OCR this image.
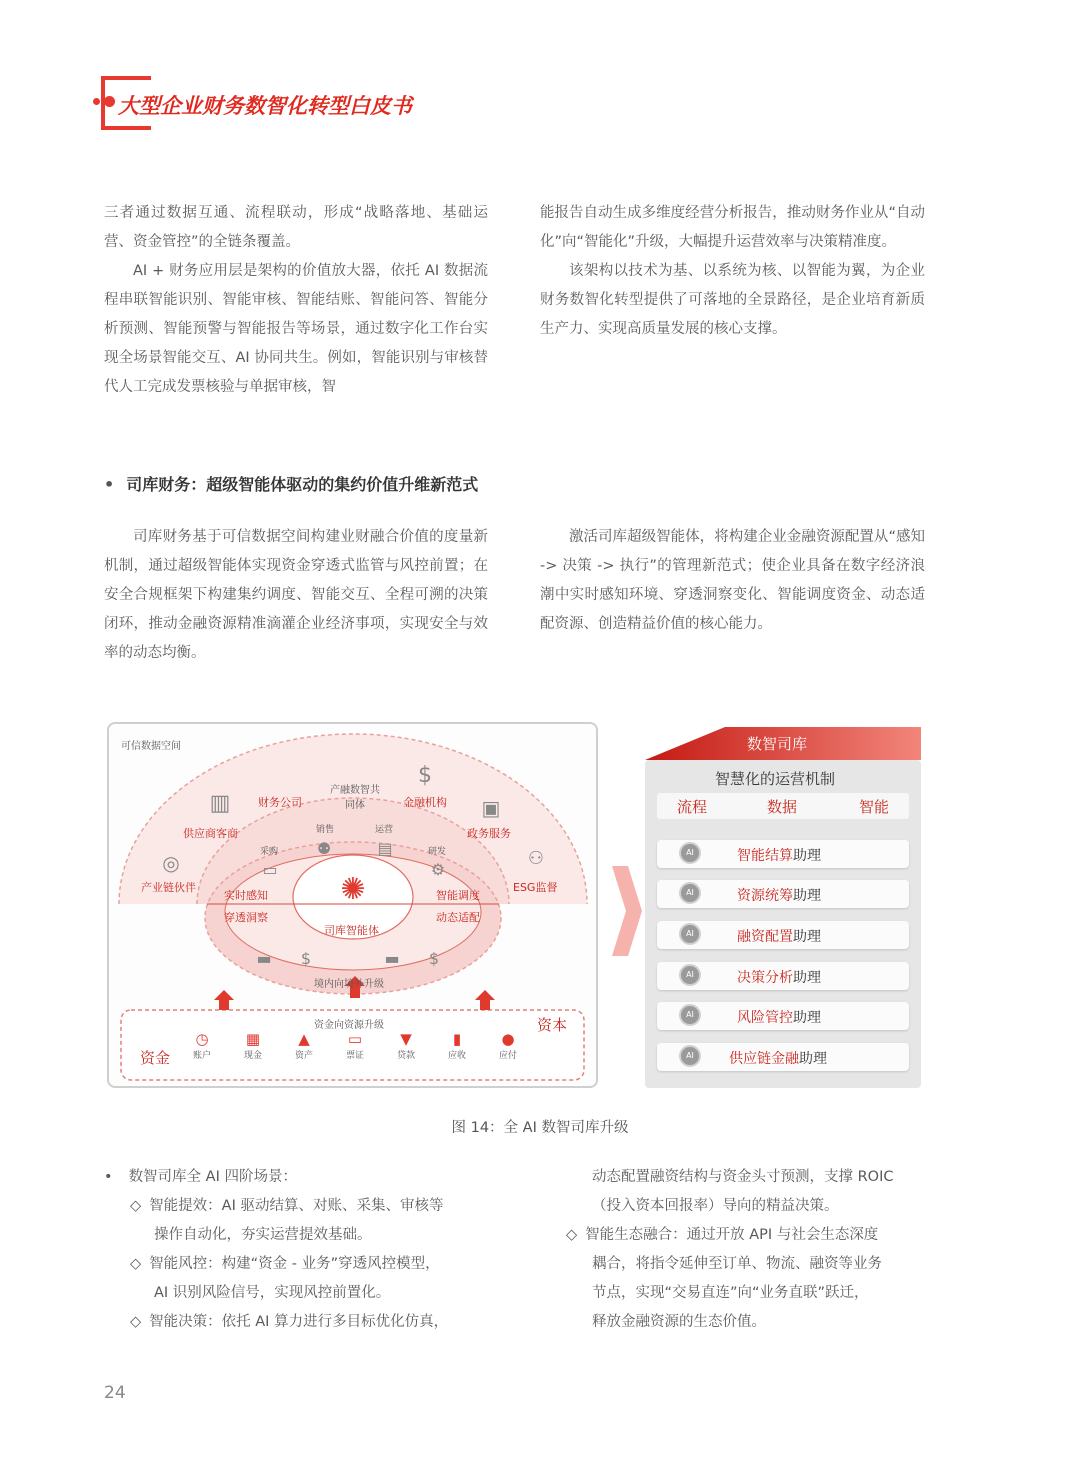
大型企业财务数智化转型白皮书

三者通过数据互通、流程联动，形成“战略落地、基础运营、资金管控”的全链条覆盖。

AI + 财务应用层是架构的价值放大器，依托 AI 数据流程串联智能识别、智能审核、智能结账、智能问答、智能分析预测、智能预警与智能报告等场景，通过数字化工作台实现全场景智能交互、AI 协同共生。例如，智能识别与审核替代人工完成发票核验与单据审核，智

能报告自动生成多维度经营分析报告，推动财务作业从“自动化”向“智能化”升级，大幅提升运营效率与决策精准度。

该架构以技术为基、以系统为核、以智能为翼，为企业财务数智化转型提供了可落地的全景路径，是企业培育新质生产力、实现高质量发展的核心支撑。

• 司库财务：超级智能体驱动的集约价值升维新范式

司库财务基于可信数据空间构建业财融合价值的度量新机制，通过超级智能体实现资金穿透式监管与风控前置；在安全合规框架下构建集约调度、智能交互、全程可溯的决策闭环，推动金融资源精准滴灌企业经济事项，实现安全与效率的动态均衡。

激活司库超级智能体，将构建企业金融资源配置从“感知 -> 决策 -> 执行”的管理新范式；使企业具备在数字经济浪潮中实时感知环境、穿透洞察变化、智能调度资金、动态适配资源、创造精益价值的核心能力。

可信数据空间
▥	财务公司
产融数智共同体
$
金融机构
供应商客商
▣
政务服务
◎
产业链伙伴
⚇
ESG监督
销售	运营
采购	研发
⚉	▤
▭	⚙
实时感知	智能调度
穿透洞察	动态适配
✺
司库智能体
▬	$	▬	$
境内向境外升级
资金向资源升级	资本
资金
◷
账户
▦
现金
▲
资产
▭
票证
▼
贷款
▮
应收
●
应付
数智司库
智慧化的运营机制
流程	数据	智能
AI	智能结算助理
AI	资源统筹助理
AI	融资配置助理
AI	决策分析助理
AI	风险管控助理
AI	供应链金融助理
图 14：全 AI 数智司库升级

• 数智司库全 AI 四阶场景：

◇ 智能提效：AI 驱动结算、对账、采集、审核等

操作自动化，夯实运营提效基础。

◇ 智能风控：构建“资金 - 业务”穿透风控模型，

AI 识别风险信号，实现风控前置化。

◇ 智能决策：依托 AI 算力进行多目标优化仿真，

动态配置融资结构与资金头寸预测，支撑 ROIC

（投入资本回报率）导向的精益决策。

◇ 智能生态融合：通过开放 API 与社会生态深度

耦合，将指令延伸至订单、物流、融资等业务

节点，实现“交易直连”向“业务直联”跃迁，

释放金融资源的生态价值。

24
